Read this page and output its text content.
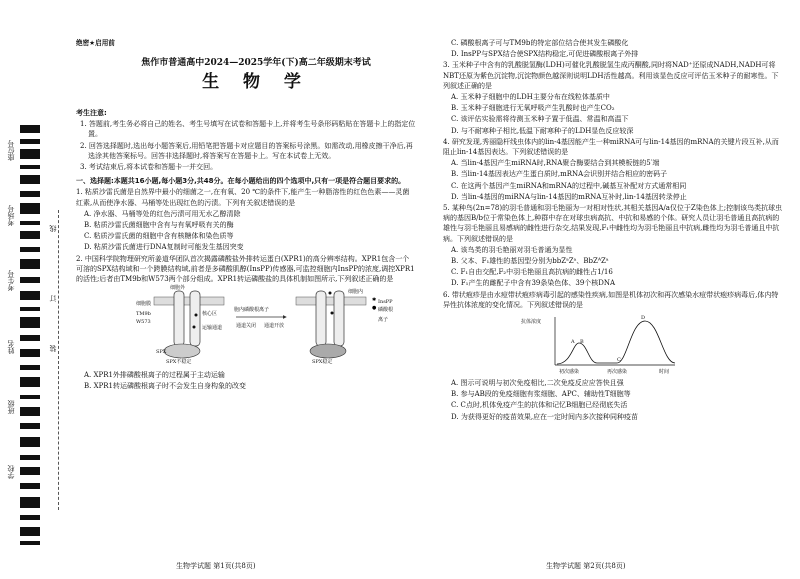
座位号
考场号
考生号
姓名
班级
学校
线
订
装
绝密★启用前
焦作市普通高中2024—2025学年(下)高二年级期末考试
生 物 学

考生注意:

1. 答题前,考生务必将自己的姓名、考生号填写在试卷和答题卡上,并将考生号条形码粘贴在答题卡上的指定位置。

2. 回答选择题时,选出每小题答案后,用铅笔把答题卡对应题目的答案标号涂黑。如需改动,用橡皮擦干净后,再选涂其他答案标号。回答非选择题时,将答案写在答题卡上。写在本试卷上无效。

3. 考试结束后,将本试卷和答题卡一并交回。

一、选择题:本题共16小题,每小题3分,共48分。在每小题给出的四个选项中,只有一项是符合题目要求的。

1. 粘质沙雷氏菌是自然界中最小的细菌之一,在有氧、20 ℃的条件下,能产生一种脂溶性的红色色素——灵菌红素,从而使净水器、马桶等处出现红色的污渍。下列有关叙述错误的是

A. 净水器、马桶等处的红色污渍可用无水乙醇清除

B. 粘质沙雷氏菌细胞中含有与有氧呼吸有关的酶

C. 粘质沙雷氏菌的细胞中含有核糖体和染色质等

D. 粘质沙雷氏菌进行DNA复制时可能发生基因突变

2. 中国科学院物理研究所姜道华团队首次揭露磷酸盐外排转运蛋白(XPR1)的高分辨率结构。XPR1包含一个可溶的SPX结构域和一个跨膜结构域,前者是多磷酸肌醇(InsPP)传感器,可监控细胞内InsPP的浓度,调控XPR1的活性;后者由TM9b和W573两个部分组成。XPR1转运磷酸盐的具体机制如图所示,下列叙述正确的是

✱
●
细胞外
细胞膜
TM9b
W573
核心区
运输通道
胞内磷酸根离子
通道关闭 通道开放
SPX不稳定	SPX稳定
SPX
InsPP
磷酸根离子
细胞内

A. XPR1外排磷酸根离子的过程属于主动运输

B. XPR1转运磷酸根离子时不会发生自身构象的改变

C. 磷酸根离子可与TM9b的特定部位结合使其发生磷酸化

D. InsPP与SPX结合使SPX结构稳定,可促进磷酸根离子外排

3. 玉米种子中含有的乳酸脱氢酶(LDH)可催化乳酸脱氢生成丙酮酸,同时将NAD⁺还原成NADH,NADH可将NBT还原为紫色沉淀物,沉淀物颜色越深则说明LDH活性越高。利用该显色反应可评估玉米种子的耐寒性。下列叙述正确的是

A. 玉米种子细胞中的LDH主要分布在线粒体基质中

B. 玉米种子细胞进行无氧呼吸产生乳酸时也产生CO₂

C. 该评估实验需将待测玉米种子置于低温、常温和高温下

D. 与不耐寒种子相比,低温下耐寒种子的LDH显色反应较深

4. 研究发现,秀丽隐杆线虫体内的lin-4基因能产生一种miRNA可与lin-14基因的mRNA的关键片段互补,从而阻止lin-14基因表达。下列叙述错误的是

A. 当lin-4基因产生miRNA时,RNA聚合酶要结合到其模板链的5′端

B. 当lin-14基因表达产生蛋白质时,mRNA会识别并结合相应的密码子

C. 在这两个基因产生miRNA和mRNA的过程中,碱基互补配对方式通常相同

D. 当lin-4基因的miRNA与lin-14基因的mRNA互补时,lin-14基因转录停止

5. 某种鸟(2n=78)的羽毛普通和羽毛艳丽为一对相对性状,其相关基因A/a仅位于Z染色体上;控制该鸟类抗球虫病的基因B/b位于常染色体上,种群中存在对球虫病高抗、中抗和易感的个体。研究人员让羽毛普通且高抗病的雄性与羽毛艳丽且易感病的雌性进行杂交,结果发现,F₁中雌性均为羽毛艳丽且中抗病,雌性均为羽毛普通且中抗病。下列叙述错误的是

A. 该鸟类的羽毛艳丽对羽毛普通为显性

B. 父本、F₁雄性的基因型分别为bbZᵃZᵃ、BbZᴬZᵃ

C. F₁自由交配,F₂中羽毛艳丽且高抗病的雌性占1/16

D. F₁产生的雌配子中含有39条染色体、39个核DNA

6. 带状疱疹是由水痘带状疱疹病毒引起的感染性疾病,如图是机体初次和再次感染水痘带状疱疹病毒后,体内特异性抗体浓度的变化情况。下列叙述错误的是

抗体浓度
初次感染	再次感染	时间
A B
C
D

A. 图示可说明与初次免疫相比,二次免疫反应应答快且强

B. 参与AB段的免疫细胞有浆细胞、APC、辅助性T细胞等

C. C点时,机体免疫产生的抗体和记忆B细胞已经彻底失活

D. 为获得更好的疫苗效果,应在一定时间内多次接种同种疫苗

生物学试题 第1页(共8页)	生物学试题 第2页(共8页)
